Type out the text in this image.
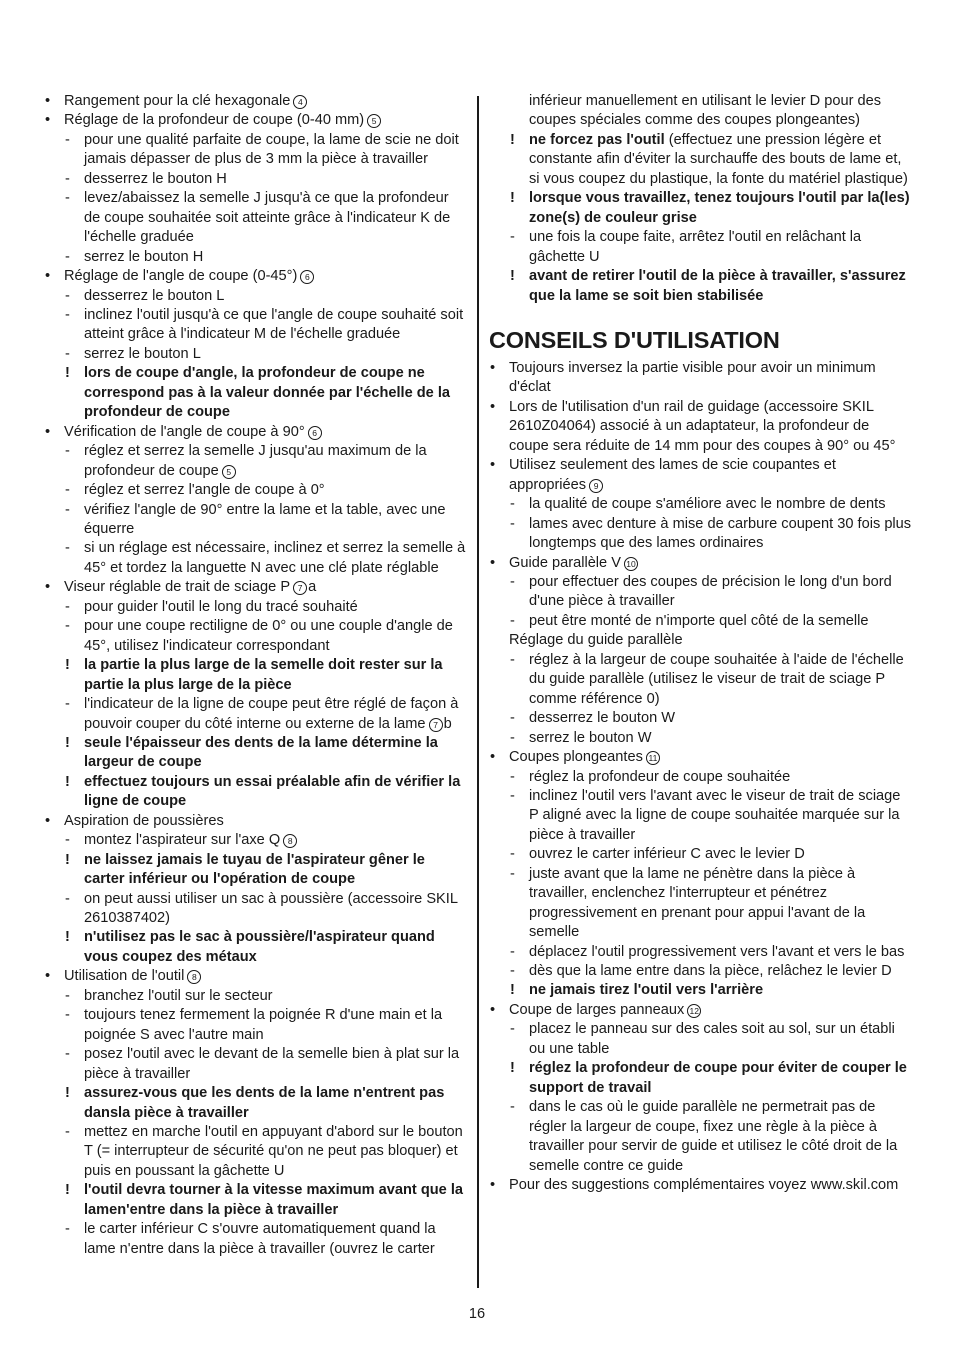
• Rangement pour la clé hexagonale 4
• Réglage de la profondeur de coupe (0-40 mm) 5
- pour une qualité parfaite de coupe, la lame de scie ne doit jamais dépasser de plus de 3 mm la pièce à travailler
- desserrez le bouton H
- levez/abaissez la semelle J jusqu'à ce que la profondeur de coupe souhaitée soit atteinte grâce à l'indicateur K de l'échelle graduée
- serrez le bouton H
• Réglage de l'angle de coupe (0-45°) 6
- desserrez le bouton L
- inclinez l'outil jusqu'à ce que l'angle de coupe souhaité soit atteint grâce à l'indicateur M de l'échelle graduée
- serrez le bouton L
! lors de coupe d'angle, la profondeur de coupe ne correspond pas à la valeur donnée par l'échelle de la profondeur de coupe
• Vérification de l'angle de coupe à 90° 6
- réglez et serrez la semelle J jusqu'au maximum de la profondeur de coupe 5
- réglez et serrez l'angle de coupe à 0°
- vérifiez l'angle de 90° entre la lame et la table, avec une équerre
- si un réglage est nécessaire, inclinez et serrez la semelle à 45° et tordez la languette N avec une clé plate réglable
• Viseur réglable de trait de sciage P 7 a
- pour guider l'outil le long du tracé souhaité
- pour une coupe rectiligne de 0° ou une couple d'angle de 45°, utilisez l'indicateur correspondant
! la partie la plus large de la semelle doit rester sur la partie la plus large de la pièce
- l'indicateur de la ligne de coupe peut être réglé de façon à pouvoir couper du côté interne ou externe de la lame 7 b
! seule l'épaisseur des dents de la lame détermine la largeur de coupe
! effectuez toujours un essai préalable afin de vérifier la ligne de coupe
• Aspiration de poussières
- montez l'aspirateur sur l'axe Q 8
! ne laissez jamais le tuyau de l'aspirateur gêner le carter inférieur ou l'opération de coupe
- on peut aussi utiliser un sac à poussière (accessoire SKIL 2610387402)
! n'utilisez pas le sac à poussière/l'aspirateur quand vous coupez des métaux
• Utilisation de l'outil 8
- branchez l'outil sur le secteur
- toujours tenez fermement la poignée R d'une main et la poignée S avec l'autre main
- posez l'outil avec le devant de la semelle bien à plat sur la pièce à travailler
! assurez-vous que les dents de la lame n'entrent pas dansla pièce à travailler
- mettez en marche l'outil en appuyant d'abord sur le bouton T (= interrupteur de sécurité qu'on ne peut pas bloquer) et puis en poussant la gâchette U
! l'outil devra tourner à la vitesse maximum avant que la lamen'entre dans la pièce à travailler
- le carter inférieur C s'ouvre automatiquement quand la lame n'entre dans la pièce à travailler (ouvrez le carter
inférieur manuellement en utilisant le levier D pour des coupes spéciales comme des coupes plongeantes)
! ne forcez pas l'outil (effectuez une pression légère et constante afin d'éviter la surchauffe des bouts de lame et, si vous coupez du plastique, la fonte du matériel plastique)
! lorsque vous travaillez, tenez toujours l'outil par la(les) zone(s) de couleur grise
- une fois la coupe faite, arrêtez l'outil en relâchant la gâchette U
! avant de retirer l'outil de la pièce à travailler, s'assurez que la lame se soit bien stabilisée
CONSEILS D'UTILISATION
• Toujours inversez la partie visible pour avoir un minimum d'éclat
• Lors de l'utilisation d'un rail de guidage (accessoire SKIL 2610Z04064) associé à un adaptateur, la profondeur de coupe sera réduite de 14 mm pour des coupes à 90° ou 45°
• Utilisez seulement des lames de scie coupantes et appropriées 9
- la qualité de coupe s'améliore avec le nombre de dents
- lames avec denture à mise de carbure coupent 30 fois plus longtemps que des lames ordinaires
• Guide parallèle V 10
- pour effectuer des coupes de précision le long d'un bord d'une pièce à travailler
- peut être monté de n'importe quel côté de la semelle
Réglage du guide parallèle
- réglez à la largeur de coupe souhaitée à l'aide de l'échelle du guide parallèle (utilisez le viseur de trait de sciage P comme référence 0)
- desserrez le bouton W
- serrez le bouton W
• Coupes plongeantes 11
- réglez la profondeur de coupe souhaitée
- inclinez l'outil vers l'avant avec le viseur de trait de sciage P aligné avec la ligne de coupe souhaitée marquée sur la pièce à travailler
- ouvrez le carter inférieur C avec le levier D
- juste avant que la lame ne pénètre dans la pièce à travailler, enclenchez l'interrupteur et pénétrez progressivement en prenant pour appui l'avant de la semelle
- déplacez l'outil progressivement vers l'avant et vers le bas
- dès que la lame entre dans la pièce, relâchez le levier D
! ne jamais tirez l'outil vers l'arrière
• Coupe de larges panneaux 12
- placez le panneau sur des cales soit au sol, sur un établi ou une table
! réglez la profondeur de coupe pour éviter de couper le support de travail
- dans le cas où le guide parallèle ne permetrait pas de régler la largeur de coupe, fixez une règle à la pièce à travailler pour servir de guide et utilisez le côté droit de la semelle contre ce guide
• Pour des suggestions complémentaires voyez www.skil.com
16
